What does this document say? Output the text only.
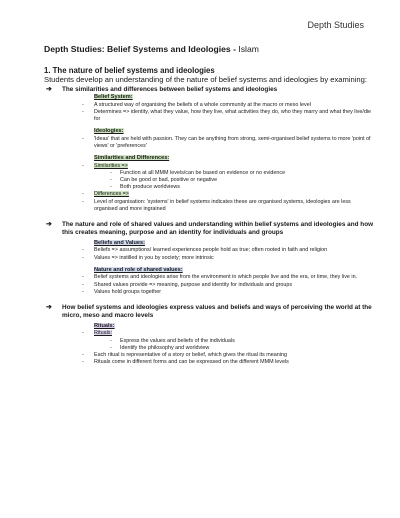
Depth Studies
Depth Studies: Belief Systems and Ideologies - Islam
1. The nature of belief systems and ideologies
Students develop an understanding of the nature of belief systems and ideologies by examining:
➔ The similarities and differences between belief systems and ideologies
Belief System:
- A structured way of organising the beliefs of a whole community at the macro or meso level
- Determines => identity, what they value, how they live, what activities they do, who they marry and what they live/die for
Ideologies:
- 'Ideas' that are held with passion. They can be anything from strong, semi-organised belief systems to more 'point of views' or 'preferences'
Similarities and Differences:
- Similarities =>
- Function at all MMM levels/can be based on evidence or no evidence
- Can be good or bad, positive or negative
- Both produce worldviews
- Differences =>
- Level of organisation: 'systems' in belief systems indicates these are organised systems, ideologies are less organised and more ingrained
➔ The nature and role of shared values and understanding within belief systems and ideologies and how this creates meaning, purpose and an identity for individuals and groups
Beliefs and Values:
- Beliefs => assumptions/ learned experiences people hold as true; often rooted in faith and religion
- Values => instilled in you by society; more intrinsic
Nature and role of shared values:
- Belief systems and ideologies arise from the environment in which people live and the era, or time, they live in.
- Shared values provide => meaning, purpose and identity for individuals and groups
- Values hold groups together
➔ How belief systems and ideologies express values and beliefs and ways of perceiving the world at the micro, meso and macro levels
Rituals:
- Rituals:
- Express the values and beliefs of the individuals
- Identify the philosophy and worldview
- Each ritual is representative of a story or belief, which gives the ritual its meaning
- Rituals come in different forms and can be expressed on the different MMM levels
